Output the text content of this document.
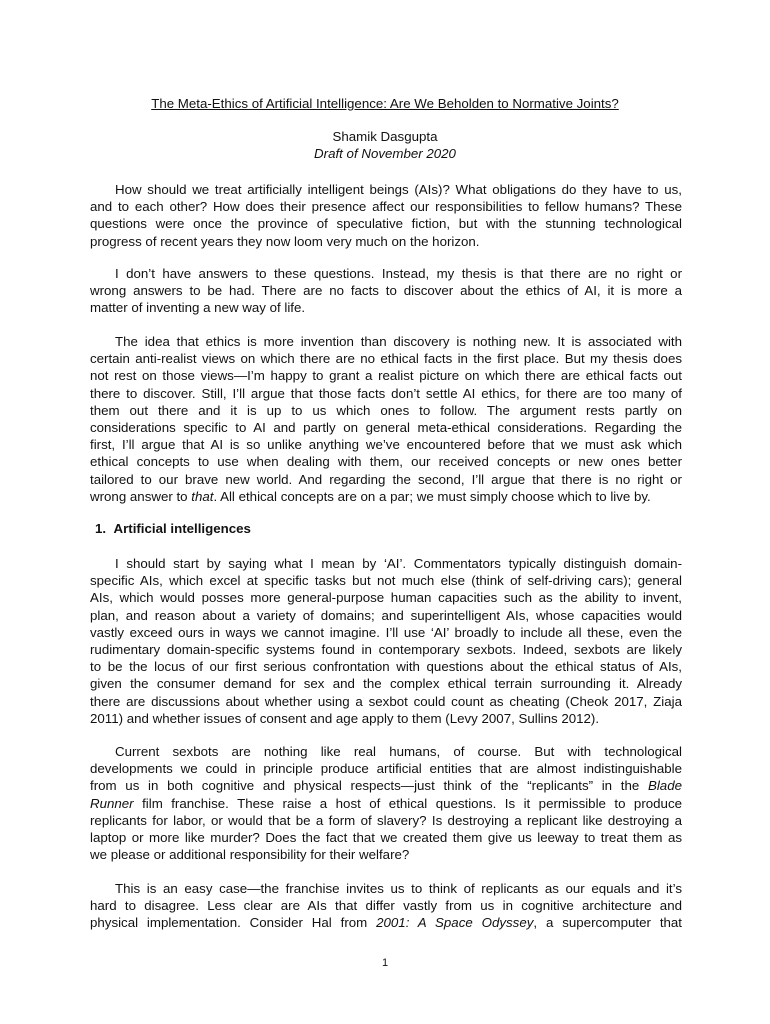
The Meta-Ethics of Artificial Intelligence: Are We Beholden to Normative Joints?
Shamik Dasgupta
Draft of November 2020
How should we treat artificially intelligent beings (AIs)? What obligations do they have to us,
and to each other? How does their presence affect our responsibilities to fellow humans? These
questions were once the province of speculative fiction, but with the stunning technological
progress of recent years they now loom very much on the horizon.
I don’t have answers to these questions. Instead, my thesis is that there are no right or
wrong answers to be had. There are no facts to discover about the ethics of AI, it is more a
matter of inventing a new way of life.
The idea that ethics is more invention than discovery is nothing new. It is associated with
certain anti-realist views on which there are no ethical facts in the first place. But my thesis does
not rest on those views—I’m happy to grant a realist picture on which there are ethical facts out
there to discover. Still, I’ll argue that those facts don’t settle AI ethics, for there are too many of
them out there and it is up to us which ones to follow. The argument rests partly on
considerations specific to AI and partly on general meta-ethical considerations. Regarding the
first, I’ll argue that AI is so unlike anything we’ve encountered before that we must ask which
ethical concepts to use when dealing with them, our received concepts or new ones better
tailored to our brave new world. And regarding the second, I’ll argue that there is no right or
wrong answer to that. All ethical concepts are on a par; we must simply choose which to live by.
1. Artificial intelligences
I should start by saying what I mean by ‘AI’. Commentators typically distinguish domain-
specific AIs, which excel at specific tasks but not much else (think of self-driving cars); general
AIs, which would posses more general-purpose human capacities such as the ability to invent,
plan, and reason about a variety of domains; and superintelligent AIs, whose capacities would
vastly exceed ours in ways we cannot imagine. I’ll use ‘AI’ broadly to include all these, even the
rudimentary domain-specific systems found in contemporary sexbots. Indeed, sexbots are likely
to be the locus of our first serious confrontation with questions about the ethical status of AIs,
given the consumer demand for sex and the complex ethical terrain surrounding it. Already
there are discussions about whether using a sexbot could count as cheating (Cheok 2017, Ziaja
2011) and whether issues of consent and age apply to them (Levy 2007, Sullins 2012).
Current sexbots are nothing like real humans, of course. But with technological
developments we could in principle produce artificial entities that are almost indistinguishable
from us in both cognitive and physical respects—just think of the “replicants” in the Blade
Runner film franchise. These raise a host of ethical questions. Is it permissible to produce
replicants for labor, or would that be a form of slavery? Is destroying a replicant like destroying a
laptop or more like murder? Does the fact that we created them give us leeway to treat them as
we please or additional responsibility for their welfare?
This is an easy case—the franchise invites us to think of replicants as our equals and it’s
hard to disagree. Less clear are AIs that differ vastly from us in cognitive architecture and
physical implementation. Consider Hal from 2001: A Space Odyssey, a supercomputer that
1
